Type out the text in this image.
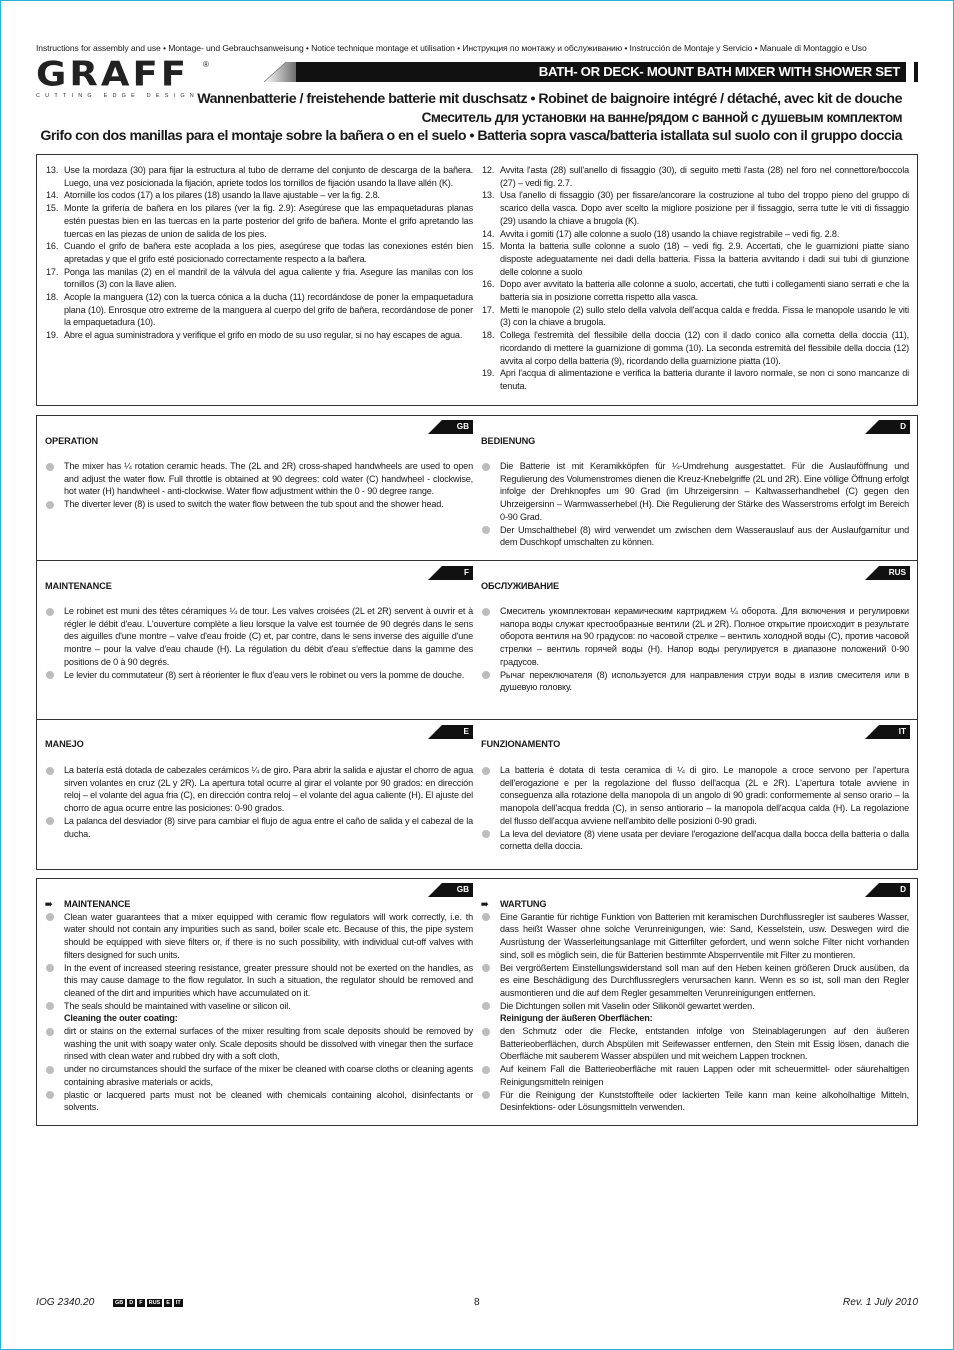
Instructions for assembly and use • Montage- und Gebrauchsanweisung • Notice technique montage et utilisation • Инструкция по монтажу и обслуживанию • Instrucción de Montaje y Servicio • Manuale di Montaggio e Uso
GRAFF	®
CUTTING EDGE DESIGN
BATH- OR DECK- MOUNT BATH MIXER WITH SHOWER SET
Wannenbatterie / freistehende batterie mit duschsatz • Robinet de baignoire intégré / détaché, avec kit de douche
Смеситель для установки на ванне/рядом с ванной с душевым комплектом
Grifo con dos manillas para el montaje sobre la bañera o en el suelo • Batteria sopra vasca/batteria istallata sul suolo con il gruppo doccia
13. Use la mordaza (30) para fijar la estructura al tubo de derrame del conjunto de descarga de la bañera. Luego, una vez posicionada la fijación, apriete todos los tornillos de fijación usando la llave allén (K).
14. Atornille los codos (17) a los pilares (18) usando la llave ajustable – ver la fig. 2.8.
15. Monte la grifería de bañera en los pilares (ver la fig. 2.9): Asegúrese que las empaquetaduras planas estén puestas bien en las tuercas en la parte posterior del grifo de bañera. Monte el grifo apretando las tuercas en las piezas de union de salida de los pies.
16. Cuando el grifo de bañera este acoplada a los pies, asegúrese que todas las conexiones estén bien apretadas y que el grifo esté posicionado correctamente respecto a la bañera.
17. Ponga las manilas (2) en el mandril de la válvula del agua caliente y fria. Asegure las manilas con los tornillos (3) con la llave alien.
18. Acople la manguera (12) con la tuerca cónica a la ducha (11) recordándose de poner la empaquetadura plana (10). Enrosque otro extreme de la manguera al cuerpo del grifo de bañera, recordándose de poner la empaquetadura (10).
19. Abre el agua suministradora y verifique el grifo en modo de su uso regular, si no hay escapes de agua.
12. Avvita l'asta (28) sull'anello di fissaggio (30), di seguito metti l'asta (28) nel foro nel connettore/boccola (27) – vedi fig. 2.7.
13. Usa l'anello di fissaggio (30) per fissare/ancorare la costruzione al tubo del troppo pieno del gruppo di scarico della vasca. Dopo aver scelto la migliore posizione per il fissaggio, serra tutte le viti di fissaggio (29) usando la chiave a brugola (K).
14. Avvita i gomiti (17) alle colonne a suolo (18) usando la chiave registrabile – vedi fig. 2.8.
15. Monta la batteria sulle colonne a suolo (18) – vedi fig. 2.9. Accertati, che le guarnizioni piatte siano disposte adeguatamente nei dadi della batteria. Fissa la batteria avvitando i dadi sui tubi di giunzione delle colonne a suolo
16. Dopo aver avvitato la batteria alle colonne a suolo, accertati, che tutti i collegamenti siano serrati e che la batteria sia in posizione corretta rispetto alla vasca.
17. Metti le manopole (2) sullo stelo della valvola dell'acqua calda e fredda. Fissa le manopole usando le viti (3) con la chiave a brugola.
18. Collega l'estremità del flessibile della doccia (12) con il dado conico alla cornetta della doccia (11), ricordando di mettere la guarnizione di gomma (10). La seconda estremità del flessibile della doccia (12) avvita al corpo della batteria (9), ricordando della guarnizione piatta (10).
19. Apri l'acqua di alimentazione e verifica la batteria durante il lavoro normale, se non ci sono mancanze di tenuta.
GB	D
OPERATION	BEDIENUNG
The mixer has ¼ rotation ceramic heads. The (2L and 2R) cross-shaped handwheels are used to open and adjust the water flow. Full throttle is obtained at 90 degrees: cold water (C) handwheel - clockwise, hot water (H) handwheel - anti-clockwise. Water flow adjustment within the 0 - 90 degree range.
The diverter lever (8) is used to switch the water flow between the tub spout and the shower head.
Die Batterie ist mit Keramikköpfen für ¼-Umdrehung ausgestattet. Für die Auslauföffnung und Regulierung des Volumenstromes dienen die Kreuz-Knebelgriffe (2L und 2R). Eine völlige Öffnung erfolgt infolge der Drehknopfes um 90 Grad (im Uhrzeigersinn – Kaltwasserhandhebel (C) gegen den Uhrzeigersinn – Warmwasserhebel (H). Die Regulierung der Stärke des Wasserstroms erfolgt im Bereich 0-90 Grad.
Der Umschalthebel (8) wird verwendet um zwischen dem Wasserauslauf aus der Auslaufgarnitur und dem Duschkopf umschalten zu können.
F	RUS
MAINTENANCE	ОБСЛУЖИВАНИЕ
Le robinet est muni des têtes céramiques ¼ de tour. Les valves croisées (2L et 2R) servent à ouvrir et à régler le débit d'eau. L'ouverture complète a lieu lorsque la valve est tournée de 90 degrés dans le sens des aiguilles d'une montre – valve d'eau froide (C) et, par contre, dans le sens inverse des aiguille d'une montre – pour la valve d'eau chaude (H). La régulation du débit d'eau s'effectue dans la gamme des positions de 0 à 90 degrés.
Le levier du commutateur (8) sert à réorienter le flux d'eau vers le robinet ou vers la pomme de douche.
Смеситель укомплектован керамическим картриджем ¼ оборота. Для включения и регулировки напора воды служат крестообразные вентили (2L и 2R). Полное открытие происходит в результате оборота вентиля на 90 градусов: по часовой стрелке – вентиль холодной воды (С), против часовой стрелки – вентиль горячей воды (Н). Напор воды регулируется в диапазоне положений 0-90 градусов.
Рычаг переключателя (8) используется для направления струи воды в излив смесителя или в душевую головку.
E	IT
MANEJO	FUNZIONAMENTO
La batería está dotada de cabezales cerámicos ¼ de giro. Para abrir la salida e ajustar el chorro de agua sirven volantes en cruz (2L y 2R). La apertura total ocurre al girar el volante por 90 grados: en dirección reloj – el volante del agua fria (C), en dirección contra reloj – el volante del agua caliente (H). El ajuste del chorro de agua ocurre entre las posiciones: 0-90 grados.
La palanca del desviador (8) sirve para cambiar el flujo de agua entre el caño de salida y el cabezal de la ducha.
La batteria è dotata di testa ceramica di ¼ di giro. Le manopole a croce servono per l'apertura dell'erogazione e per la regolazione del flusso dell'acqua (2L e 2R). L'apertura totale avviene in conseguenza alla rotazione della manopola di un angolo di 90 gradi: conformemente al senso orario – la manopola dell'acqua fredda (C), in senso antiorario – la manopola dell'acqua calda (H). La regolazione del flusso dell'acqua avviene nell'ambito delle posizioni 0-90 gradi.
La leva del deviatore (8) viene usata per deviare l'erogazione dell'acqua dalla bocca della batteria o dalla cornetta della doccia.
GB	D
➠	MAINTENANCE
Clean water guarantees that a mixer equipped with ceramic flow regulators will work correctly, i.e. th water should not contain any impurities such as sand, boiler scale etc. Because of this, the pipe system should be equipped with sieve filters or, if there is no such possibility, with individual cut-off valves with filters designed for such units.
In the event of increased steering resistance, greater pressure should not be exerted on the handles, as this may cause damage to the flow regulator. In such a situation, the regulator should be removed and cleaned of the dirt and impurities which have accumulated on it.
The seals should be maintained with vaseline or silicon oil.
Cleaning the outer coating:
dirt or stains on the external surfaces of the mixer resulting from scale deposits should be removed by washing the unit with soapy water only. Scale deposits should be dissolved with vinegar then the surface rinsed with clean water and rubbed dry with a soft cloth,
under no circumstances should the surface of the mixer be cleaned with coarse cloths or cleaning agents containing abrasive materials or acids,
plastic or lacquered parts must not be cleaned with chemicals containing alcohol, disinfectants or solvents.
➠	WARTUNG
Eine Garantie für richtige Funktion von Batterien mit keramischen Durchflussregler ist sauberes Wasser, dass heißt Wasser ohne solche Verunreinigungen, wie: Sand, Kesselstein, usw. Deswegen wird die Ausrüstung der Wasserleitungsanlage mit Gitterfilter gefordert, und wenn solche Filter nicht vorhanden sind, soll es möglich sein, die für Batterien bestimmte Absperrventile mit Filter zu montieren.
Bei vergrößertem Einstellungswiderstand soll man auf den Heben keinen größeren Druck ausüben, da es eine Beschädigung des Durchflussreglers verursachen kann. Wenn es so ist, soll man den Regler ausmontieren und die auf dem Regler gesammelten Verunreinigungen entfernen.
Die Dichtungen sollen mit Vaselin oder Silikonöl gewartet werden.
Reinigung der äußeren Oberflächen:
den Schmutz oder die Flecke, entstanden infolge von Steinablagerungen auf den äußeren Batterieoberflächen, durch Abspülen mit Seifewasser entfernen, den Stein mit Essig lösen, danach die Oberfläche mit sauberem Wasser abspülen und mit weichem Lappen trocknen.
Auf keinem Fall die Batterieoberfläche mit rauen Lappen oder mit scheuermittel- oder säurehaltigen Reinigungsmitteln reinigen
Für die Reinigung der Kunststoffteile oder lackierten Teile kann man keine alkoholhaltige Mitteln, Desinfektions- oder Lösungsmitteln verwenden.
IOG 2340.20	GB	D	F	RUS	E	IT	8	Rev. 1 July 2010
